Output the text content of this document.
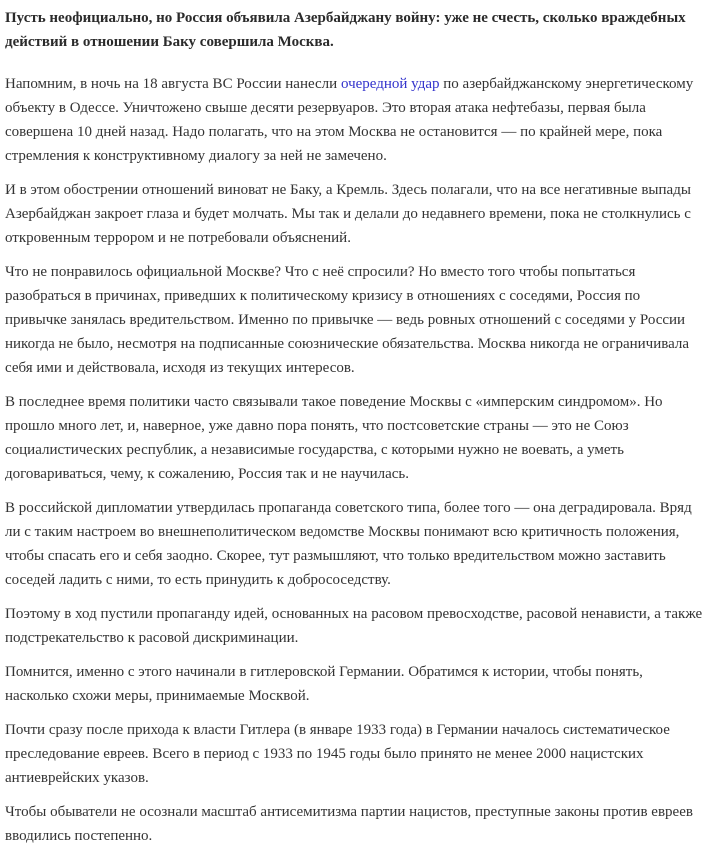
Пусть неофициально, но Россия объявила Азербайджану войну: уже не счесть, сколько враждебных действий в отношении Баку совершила Москва.

Напомним, в ночь на 18 августа ВС России нанесли очередной удар по азербайджанскому энергетическому объекту в Одессе. Уничтожено свыше десяти резервуаров. Это вторая атака нефтебазы, первая была совершена 10 дней назад. Надо полагать, что на этом Москва не остановится — по крайней мере, пока стремления к конструктивному диалогу за ней не замечено.

И в этом обострении отношений виноват не Баку, а Кремль. Здесь полагали, что на все негативные выпады Азербайджан закроет глаза и будет молчать. Мы так и делали до недавнего времени, пока не столкнулись с откровенным террором и не потребовали объяснений.

Что не понравилось официальной Москве? Что с неё спросили? Но вместо того чтобы попытаться разобраться в причинах, приведших к политическому кризису в отношениях с соседями, Россия по привычке занялась вредительством. Именно по привычке — ведь ровных отношений с соседями у России никогда не было, несмотря на подписанные союзнические обязательства. Москва никогда не ограничивала себя ими и действовала, исходя из текущих интересов.

В последнее время политики часто связывали такое поведение Москвы с «имперским синдромом». Но прошло много лет, и, наверное, уже давно пора понять, что постсоветские страны — это не Союз социалистических республик, а независимые государства, с которыми нужно не воевать, а уметь договариваться, чему, к сожалению, Россия так и не научилась.

В российской дипломатии утвердилась пропаганда советского типа, более того — она деградировала. Вряд ли с таким настроем во внешнеполитическом ведомстве Москвы понимают всю критичность положения, чтобы спасать его и себя заодно. Скорее, тут размышляют, что только вредительством можно заставить соседей ладить с ними, то есть принудить к добрососедству.

Поэтому в ход пустили пропаганду идей, основанных на расовом превосходстве, расовой ненависти, а также подстрекательство к расовой дискриминации.

Помнится, именно с этого начинали в гитлеровской Германии. Обратимся к истории, чтобы понять, насколько схожи меры, принимаемые Москвой.

Почти сразу после прихода к власти Гитлера (в январе 1933 года) в Германии началось систематическое преследование евреев. Всего в период с 1933 по 1945 годы было принято не менее 2000 нацистских антиеврейских указов.

Чтобы обыватели не осознали масштаб антисемитизма партии нацистов, преступные законы против евреев вводились постепенно.
